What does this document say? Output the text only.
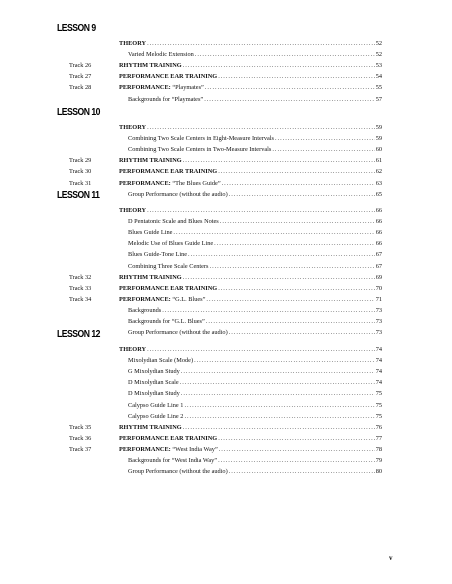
v
LESSON 9
THEORY . . .	52
Varied Melodic Extension . . .	52
Track 26	RHYTHM TRAINING . . .	53
Track 27	PERFORMANCE EAR TRAINING . . .	54
Track 28	PERFORMANCE: “Playmates” . . .	55
Backgrounds for “Playmates” . . .	57
LESSON 10
THEORY . . .	59
Combining Two Scale Centers in Eight-Measure Intervals . . .	59
Combining Two Scale Centers in Two-Measure Intervals . . .	60
Track 29	RHYTHM TRAINING . . .	61
Track 30	PERFORMANCE EAR TRAINING . . .	62
Track 31	PERFORMANCE: “The Blues Guide” . . .	63
Group Performance (without the audio) . . .	65
LESSON 11
THEORY . . .	66
D Pentatonic Scale and Blues Notes . . .	66
Blues Guide Line . . .	66
Melodic Use of Blues Guide Line . . .	66
Blues Guide-Tone Line . . .	67
Combining Three Scale Centers . . .	67
Track 32	RHYTHM TRAINING . . .	69
Track 33	PERFORMANCE EAR TRAINING . . .	70
Track 34	PERFORMANCE: “G.L. Blues” . . .	71
Backgrounds . . .	73
Backgrounds for “G.L. Blues” . . .	73
Group Performance (without the audio) . . .	73
LESSON 12
THEORY . . .	74
Mixolydian Scale (Mode) . . .	74
G Mixolydian Study . . .	74
D Mixolydian Scale . . .	74
D Mixolydian Study . . .	75
Calypso Guide Line 1 . . .	75
Calypso Guide Line 2 . . .	75
Track 35	RHYTHM TRAINING . . .	76
Track 36	PERFORMANCE EAR TRAINING . . .	77
Track 37	PERFORMANCE: “West India Way” . . .	78
Backgrounds for “West India Way” . . .	79
Group Performance (without the audio) . . .	80
